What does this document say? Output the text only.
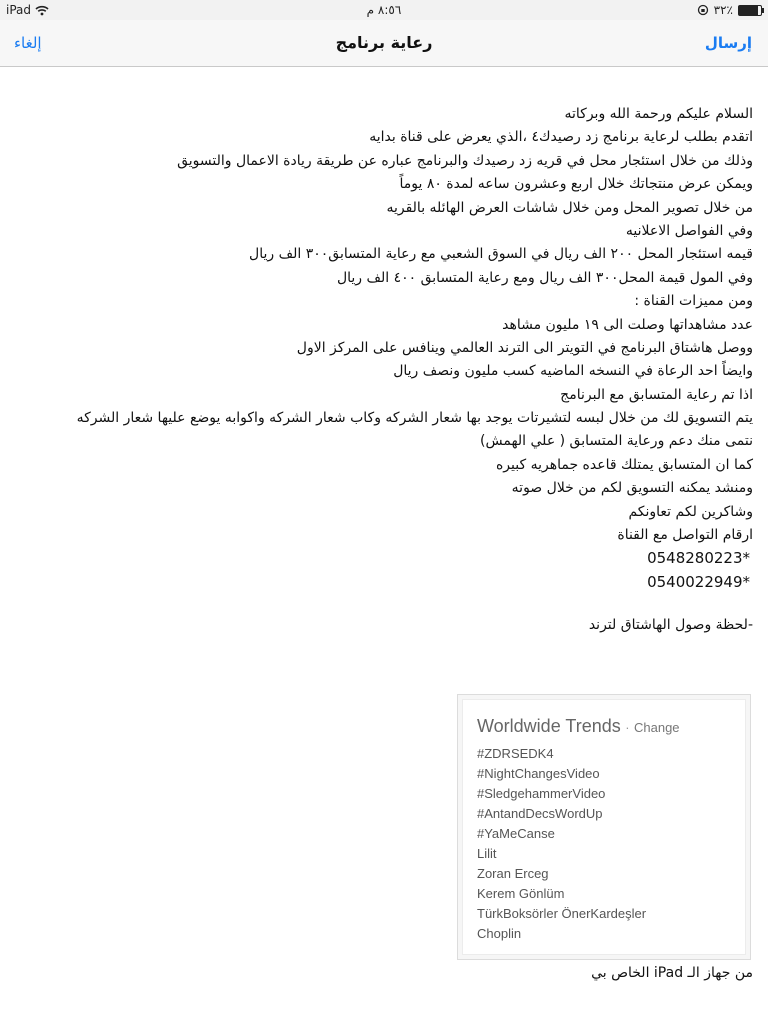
iPad	٨:٥٦ م	٣٢٪
إلغاء	رعاية برنامج	إرسال
السلام عليكم ورحمة الله وبركاته
اتقدم بطلب لرعاية برنامج زد رصيدك٤ ،الذي يعرض على قناة بدايه
وذلك من خلال استئجار محل في قريه زد رصيدك والبرنامج عباره عن طريقة ريادة الاعمال والتسويق
ويمكن عرض منتجاتك خلال اربع وعشرون ساعه لمدة ٨٠ يوماً
من خلال تصوير المحل ومن خلال شاشات العرض الهائله بالقريه
وفي الفواصل الاعلانيه
قيمه استئجار المحل ٢٠٠ الف ريال في السوق الشعبي مع رعاية المتسابق٣٠٠ الف ريال
وفي المول قيمة المحل٣٠٠ الف ريال ومع رعاية المتسابق ٤٠٠ الف ريال
ومن مميزات القناة :
عدد مشاهداتها وصلت الى ١٩ مليون مشاهد
ووصل هاشتاق البرنامج في التويتر الى الترند العالمي وينافس على المركز الاول
وايضاً احد الرعاة في النسخه الماضيه كسب مليون ونصف ريال
اذا تم رعاية المتسابق مع البرنامج
يتم التسويق لك من خلال لبسه لتشيرتات يوجد بها شعار الشركه وكاب شعار الشركه واكوابه يوضع عليها شعار الشركه
نتمى منك دعم ورعاية المتسابق ( علي الهمش)
كما ان المتسابق يمتلك قاعده جماهريه كبيره
ومنشد يمكنه التسويق لكم من خلال صوته
وشاكرين لكم تعاونكم
ارقام التواصل مع القناة
0548280223*
0540022949*
-لحظة وصول الهاشتاق لترند
Worldwide Trends · Change
#ZDRSEDK4
#NightChangesVideo
#SledgehammerVideo
#AntandDecsWordUp
#YaMeCanse
Lilit
Zoran Erceg
Kerem Gönlüm
TürkBoksörler ÖnerKardeşler
Choplin
من جهاز الـ iPad الخاص بي
